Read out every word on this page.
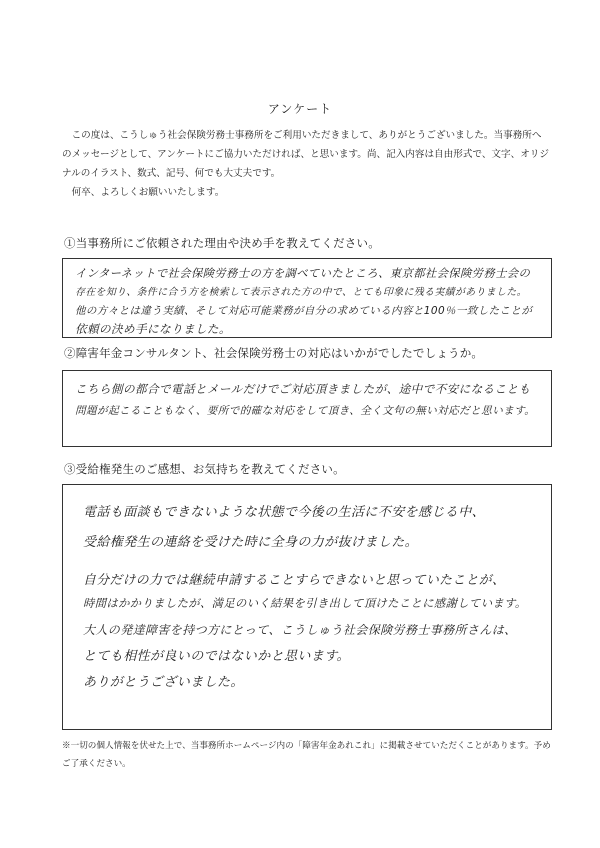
アンケート

この度は、こうしゅう社会保険労務士事務所をご利用いただきまして、ありがとうございました。当事務所へのメッセージとして、アンケートにご協力いただければ、と思います。尚、記入内容は自由形式で、文字、オリジナルのイラスト、数式、記号、何でも大丈夫です。

何卒、よろしくお願いいたします。

①当事務所にご依頼された理由や決め手を教えてください。
インターネットで社会保険労務士の方を調べていたところ、東京都社会保険労務士会の
存在を知り、条件に合う方を検索して表示された方の中で、とても印象に残る実績がありました。
他の方々とは違う実績、そして対応可能業務が自分の求めている内容と100％一致したことが
依頼の決め手になりました。
②障害年金コンサルタント、社会保険労務士の対応はいかがでしたでしょうか。
こちら側の都合で電話とメールだけでご対応頂きましたが、途中で不安になることも
問題が起こることもなく、要所で的確な対応をして頂き、全く文句の無い対応だと思います。
③受給権発生のご感想、お気持ちを教えてください。
電話も面談もできないような状態で今後の生活に不安を感じる中、
受給権発生の連絡を受けた時に全身の力が抜けました。
自分だけの力では継続申請することすらできないと思っていたことが、
時間はかかりましたが、満足のいく結果を引き出して頂けたことに感謝しています。
大人の発達障害を持つ方にとって、こうしゅう社会保険労務士事務所さんは、
とても相性が良いのではないかと思います。
ありがとうございました。

※一切の個人情報を伏せた上で、当事務所ホームページ内の「障害年金あれこれ」に掲載させていただくことがあります。予めご了承ください。
